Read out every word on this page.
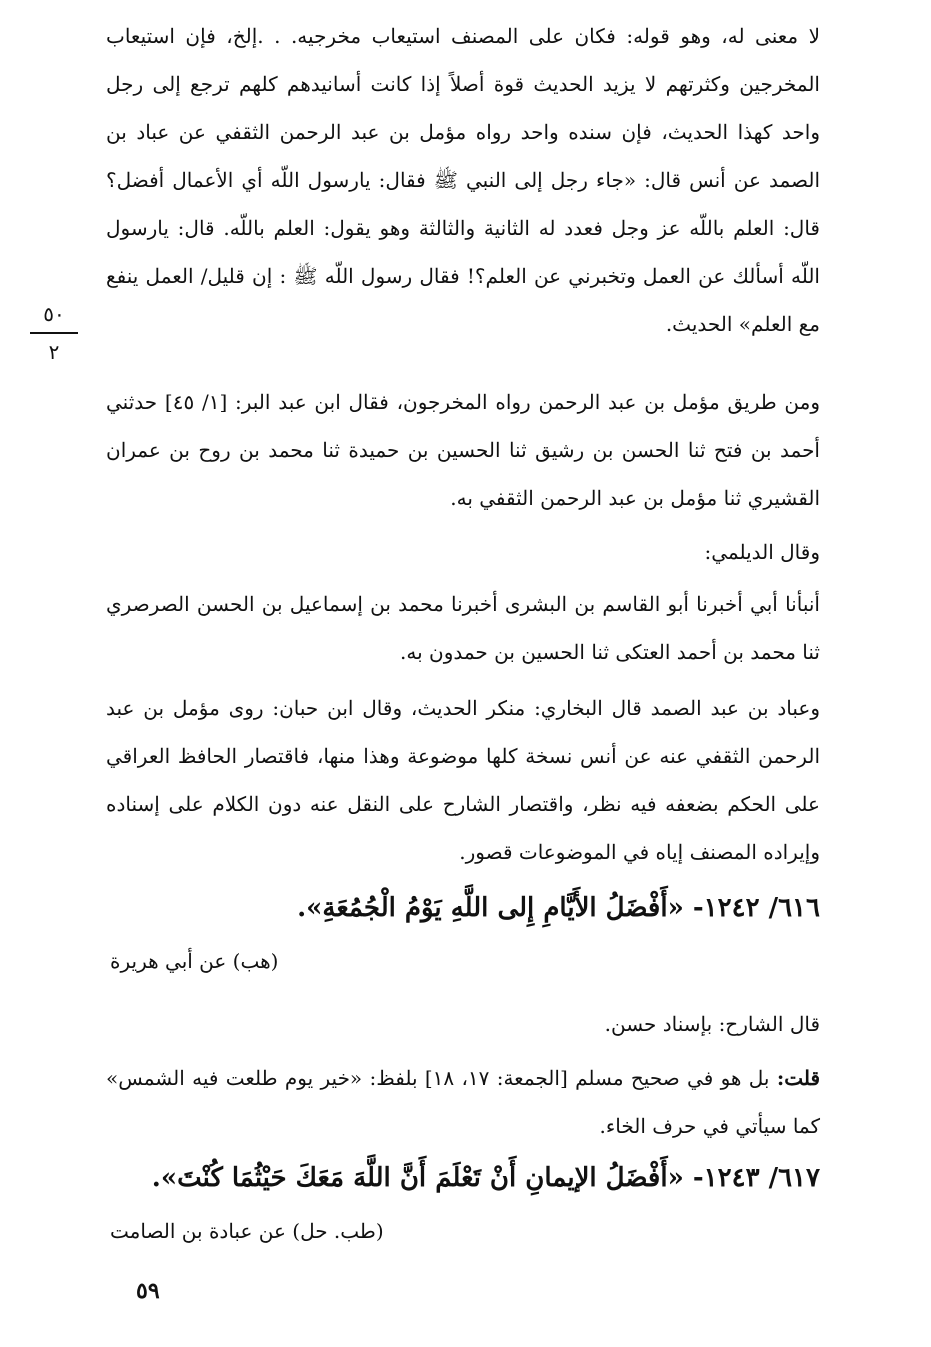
لا معنى له، وهو قوله: فكان على المصنف استيعاب مخرجيه. . .إلخ، فإن استيعاب المخرجين وكثرتهم لا يزيد الحديث قوة أصلاً إذا كانت أسانيدهم كلهم ترجع إلى رجل واحد كهذا الحديث، فإن سنده واحد رواه مؤمل بن عبد الرحمن الثقفي عن عباد بن الصمد عن أنس قال: «جاء رجل إلى النبي ﷺ فقال: يارسول اللّه أي الأعمال أفضل؟ قال: العلم باللّه عز وجل فعدد له الثانية والثالثة وهو يقول: العلم باللّه. قال: يارسول اللّه أسألك عن العمل وتخبرني عن العلم؟! فقال رسول اللّه ﷺ : إن قليل/ العمل ينفع مع العلم» الحديث.

٥٠
٢

ومن طريق مؤمل بن عبد الرحمن رواه المخرجون، فقال ابن عبد البر: [١/ ٤٥] حدثني أحمد بن فتح ثنا الحسن بن رشيق ثنا الحسين بن حميدة ثنا محمد بن روح بن عمران القشيري ثنا مؤمل بن عبد الرحمن الثقفي به.

وقال الديلمي:

أنبأنا أبي أخبرنا أبو القاسم بن البشرى أخبرنا محمد بن إسماعيل بن الحسن الصرصري ثنا محمد بن أحمد العتكى ثنا الحسين بن حمدون به.

وعباد بن عبد الصمد قال البخاري: منكر الحديث، وقال ابن حبان: روى مؤمل بن عبد الرحمن الثقفي عنه عن أنس نسخة كلها موضوعة وهذا منها، فاقتصار الحافظ العراقي على الحكم بضعفه فيه نظر، واقتصار الشارح على النقل عنه دون الكلام على إسناده وإيراده المصنف إياه في الموضوعات قصور.

٦١٦/ ١٢٤٢- «أَفْضَلُ الأَيَّامِ إِلى اللَّهِ يَوْمُ الْجُمُعَةِ».

(هب) عن أبي هريرة

قال الشارح: بإسناد حسن.

قلت: بل هو في صحيح مسلم [الجمعة: ١٧، ١٨] بلفظ: «خير يوم طلعت فيه الشمس» كما سيأتي في حرف الخاء.

٦١٧/ ١٢٤٣- «أَفْضَلُ الإيمانِ أَنْ تَعْلَمَ أَنَّ اللَّهَ مَعَكَ حَيْثُمَا كُنْتَ».

(طب. حل) عن عبادة بن الصامت

٥٩
